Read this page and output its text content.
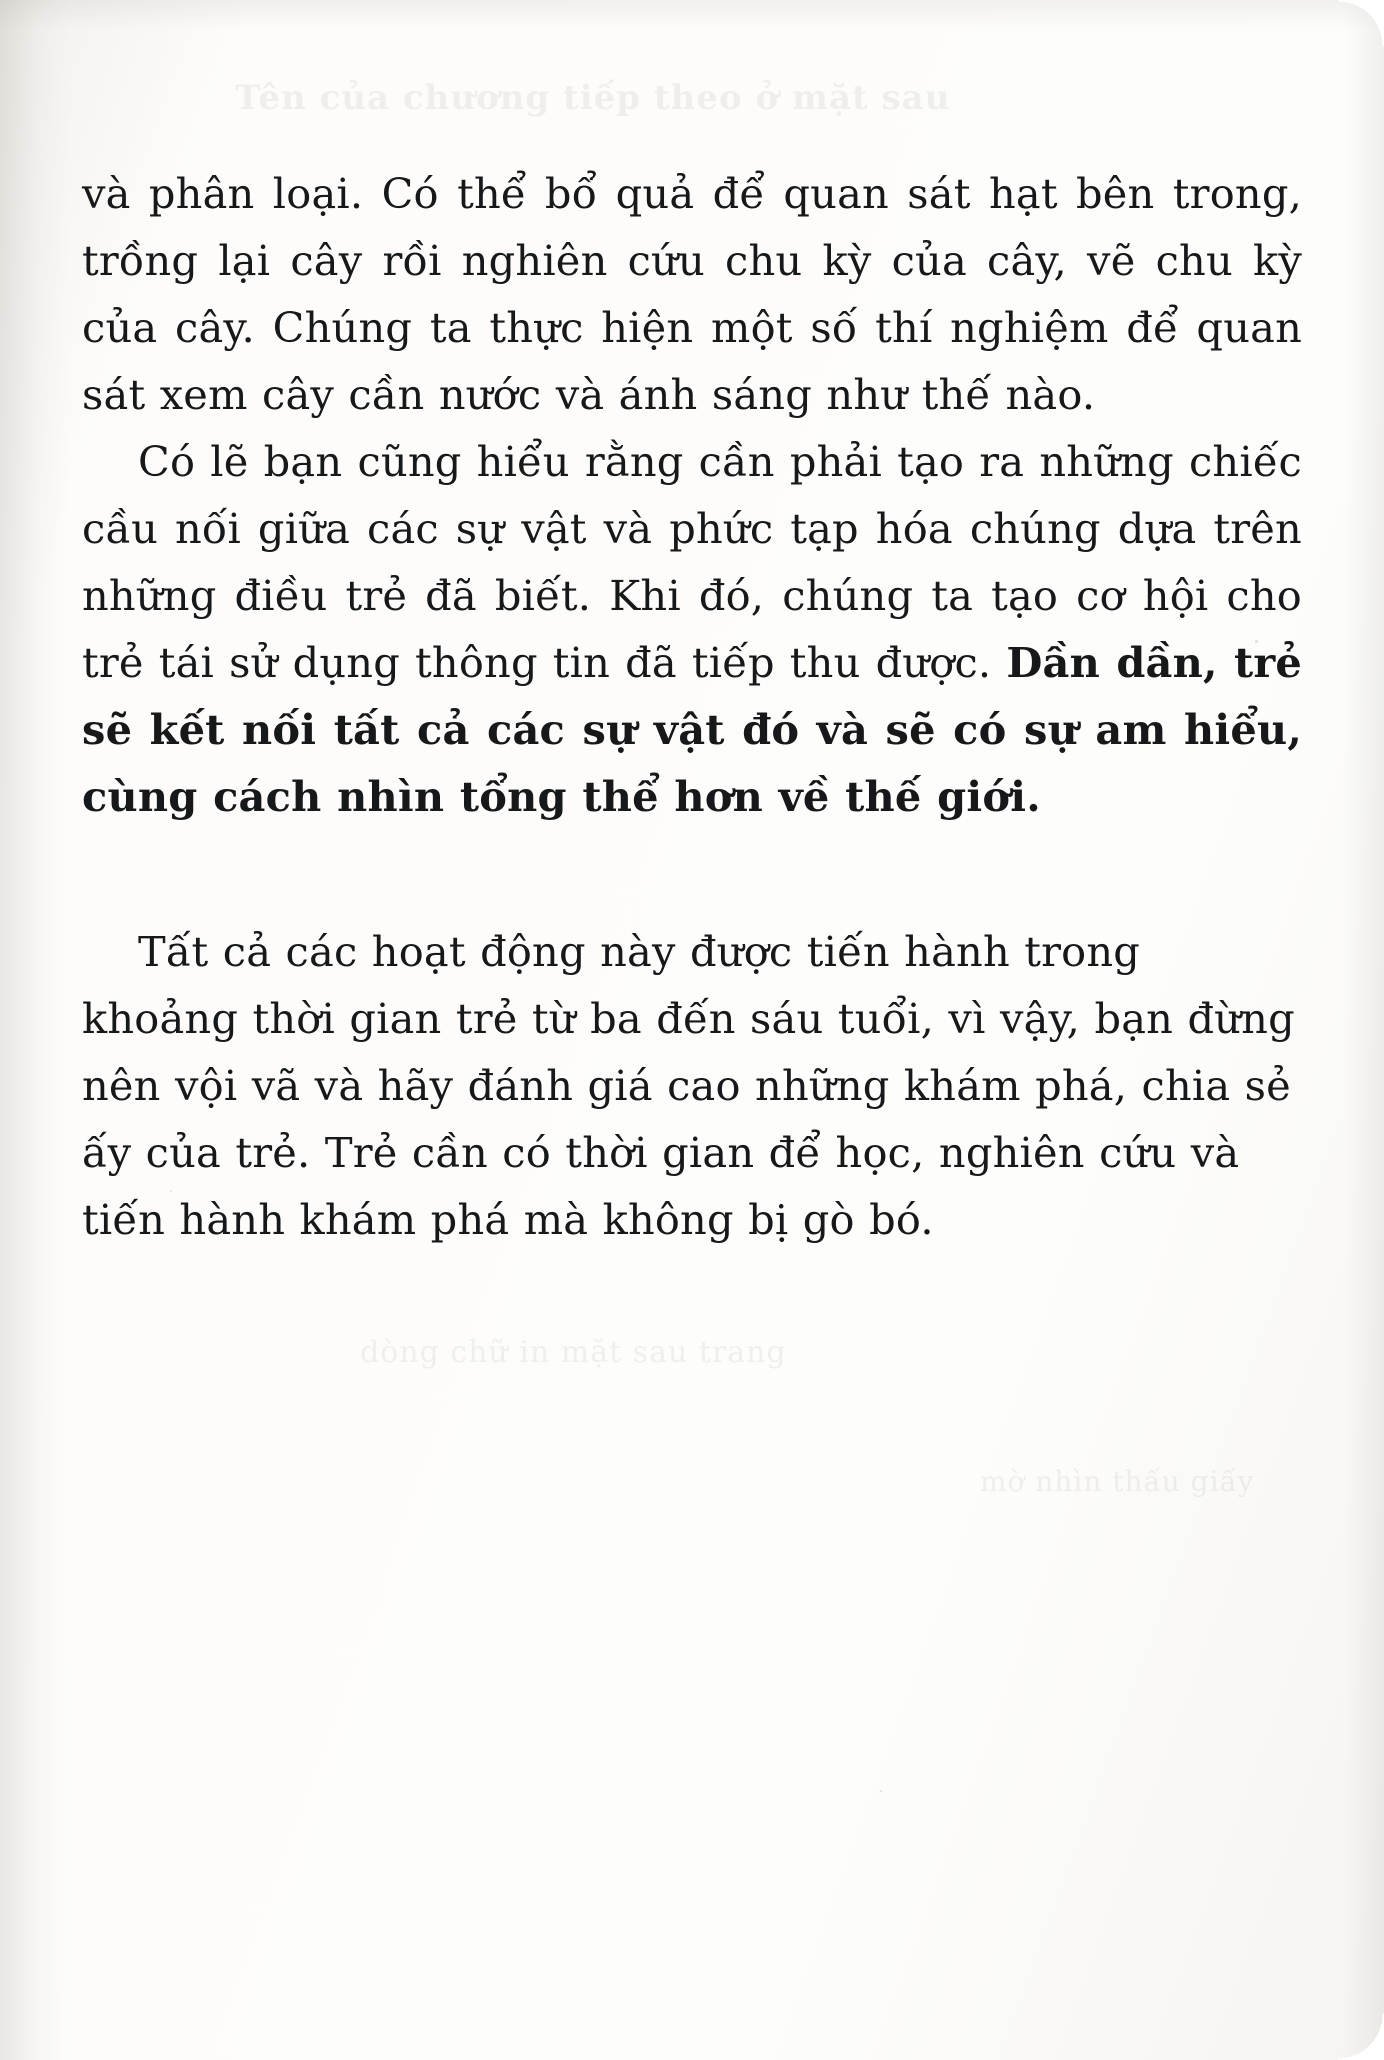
Tên của chương tiếp theo ở mặt sau
dòng chữ in mặt sau trang
mờ nhìn thấu giấy

và phân loại. Có thể bổ quả để quan sát hạt bên trong, trồng lại cây rồi nghiên cứu chu kỳ của cây, vẽ chu kỳ của cây. Chúng ta thực hiện một số thí nghiệm để quan sát xem cây cần nước và ánh sáng như thế nào.

Có lẽ bạn cũng hiểu rằng cần phải tạo ra những chiếc cầu nối giữa các sự vật và phức tạp hóa chúng dựa trên những điều trẻ đã biết. Khi đó, chúng ta tạo cơ hội cho trẻ tái sử dụng thông tin đã tiếp thu được. Dần dần, trẻ sẽ kết nối tất cả các sự vật đó và sẽ có sự am hiểu, cùng cách nhìn tổng thể hơn về thế giới.

Tất cả các hoạt động này được tiến hành trong khoảng thời gian trẻ từ ba đến sáu tuổi, vì vậy, bạn đừng nên vội vã và hãy đánh giá cao những khám phá, chia sẻ ấy của trẻ. Trẻ cần có thời gian để học, nghiên cứu và tiến hành khám phá mà không bị gò bó.
